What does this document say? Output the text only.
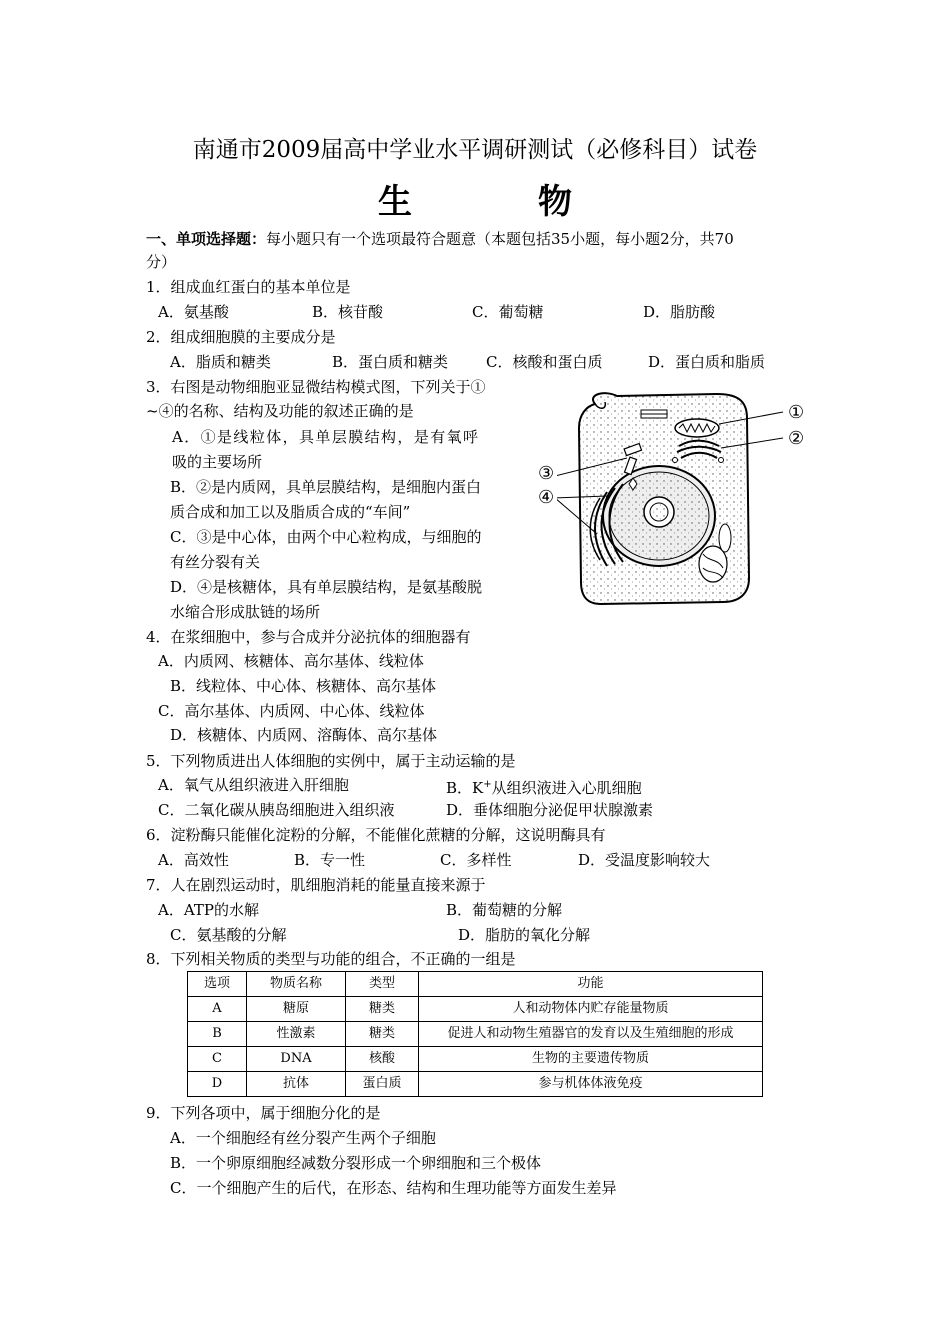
南通市2009届高中学业水平调研测试（必修科目）试卷
生	物
一、单项选择题：每小题只有一个选项最符合题意（本题包括35小题，每小题2分，共70
分）
1．组成血红蛋白的基本单位是
A．氨基酸	B．核苷酸	C．葡萄糖	D．脂肪酸
2．组成细胞膜的主要成分是
A．脂质和糖类	B．蛋白质和糖类	C．核酸和蛋白质	D．蛋白质和脂质
3．右图是动物细胞亚显微结构模式图，下列关于①
~④的名称、结构及功能的叙述正确的是
A．①是线粒体，具单层膜结构，是有氧呼
吸的主要场所
B．②是内质网，具单层膜结构，是细胞内蛋白
质合成和加工以及脂质合成的“车间”
C．③是中心体，由两个中心粒构成，与细胞的
有丝分裂有关
D．④是核糖体，具有单层膜结构，是氨基酸脱
水缩合形成肽链的场所
①
②
③
④
4．在浆细胞中，参与合成并分泌抗体的细胞器有
A．内质网、核糖体、高尔基体、线粒体
B．线粒体、中心体、核糖体、高尔基体
C．高尔基体、内质网、中心体、线粒体
D．核糖体、内质网、溶酶体、高尔基体
5．下列物质进出人体细胞的实例中，属于主动运输的是
A．氧气从组织液进入肝细胞	B．K+从组织液进入心肌细胞
C．二氧化碳从胰岛细胞进入组织液	D．垂体细胞分泌促甲状腺激素
6．淀粉酶只能催化淀粉的分解，不能催化蔗糖的分解，这说明酶具有
A．高效性	B．专一性	C．多样性	D．受温度影响较大
7．人在剧烈运动时，肌细胞消耗的能量直接来源于
A．ATP的水解	B．葡萄糖的分解
C．氨基酸的分解	D．脂肪的氧化分解
8．下列相关物质的类型与功能的组合，不正确的一组是
选项	物质名称	类型	功能
A	糖原	糖类	人和动物体内贮存能量物质
B	性激素	糖类	促进人和动物生殖器官的发育以及生殖细胞的形成
C	DNA	核酸	生物的主要遗传物质
D	抗体	蛋白质	参与机体体液免疫
9．下列各项中，属于细胞分化的是
A．一个细胞经有丝分裂产生两个子细胞
B．一个卵原细胞经减数分裂形成一个卵细胞和三个极体
C．一个细胞产生的后代，在形态、结构和生理功能等方面发生差异
